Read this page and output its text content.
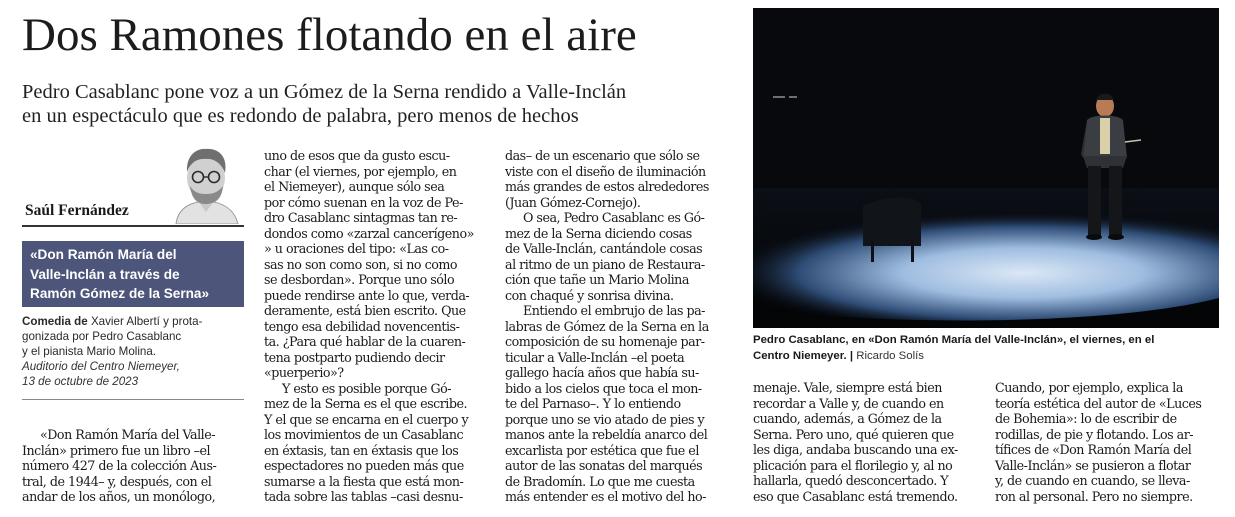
Dos Ramones flotando en el aire
Pedro Casablanc pone voz a un Gómez de la Serna rendido a Valle-Inclán
en un espectáculo que es redondo de palabra, pero menos de hechos
Saúl Fernández
«Don Ramón María del
Valle-Inclán a través de
Ramón Gómez de la Serna»
Comedia de Xavier Albertí y prota-
gonizada por Pedro Casablanc
y el pianista Mario Molina.
Auditorio del Centro Niemeyer,
13 de octubre de 2023
«Don Ramón María del Valle-
Inclán» primero fue un libro –el
número 427 de la colección Aus-
tral, de 1944– y, después, con el
andar de los años, un monólogo,
uno de esos que da gusto escu-
char (el viernes, por ejemplo, en
el Niemeyer), aunque sólo sea
por cómo suenan en la voz de Pe-
dro Casablanc sintagmas tan re-
dondos como «zarzal cancerígeno»
» u oraciones del tipo: «Las co-
sas no son como son, si no como
se desbordan». Porque uno sólo
puede rendirse ante lo que, verda-
deramente, está bien escrito. Que
tengo esa debilidad novencentis-
ta. ¿Para qué hablar de la cuaren-
tena postparto pudiendo decir
«puerperio»?
Y esto es posible porque Gó-
mez de la Serna es el que escribe.
Y el que se encarna en el cuerpo y
los movimientos de un Casablanc
en éxtasis, tan en éxtasis que los
espectadores no pueden más que
sumarse a la fiesta que está mon-
tada sobre las tablas –casi desnu-
das– de un escenario que sólo se
viste con el diseño de iluminación
más grandes de estos alrededores
(Juan Gómez-Cornejo).
O sea, Pedro Casablanc es Gó-
mez de la Serna diciendo cosas
de Valle-Inclán, cantándole cosas
al ritmo de un piano de Restaura-
ción que tañe un Mario Molina
con chaqué y sonrisa divina.
Entiendo el embrujo de las pa-
labras de Gómez de la Serna en la
composición de su homenaje par-
ticular a Valle-Inclán –el poeta
gallego hacía años que había su-
bido a los cielos que toca el mon-
te del Parnaso–. Y lo entiendo
porque uno se vio atado de pies y
manos ante la rebeldía anarco del
excarlista por estética que fue el
autor de las sonatas del marqués
de Bradomín. Lo que me cuesta
más entender es el motivo del ho-
menaje. Vale, siempre está bien
recordar a Valle y, de cuando en
cuando, además, a Gómez de la
Serna. Pero uno, qué quieren que
les diga, andaba buscando una ex-
plicación para el florilegio y, al no
hallarla, quedó desconcertado. Y
eso que Casablanc está tremendo.
Cuando, por ejemplo, explica la
teoría estética del autor de «Luces
de Bohemia»: lo de escribir de
rodillas, de pie y flotando. Los ar-
tífices de «Don Ramón María del
Valle-Inclán» se pusieron a flotar
y, de cuando en cuando, se lleva-
ron al personal. Pero no siempre.
Pedro Casablanc, en «Don Ramón María del Valle-Inclán», el viernes, en el
Centro Niemeyer. | Ricardo Solís
